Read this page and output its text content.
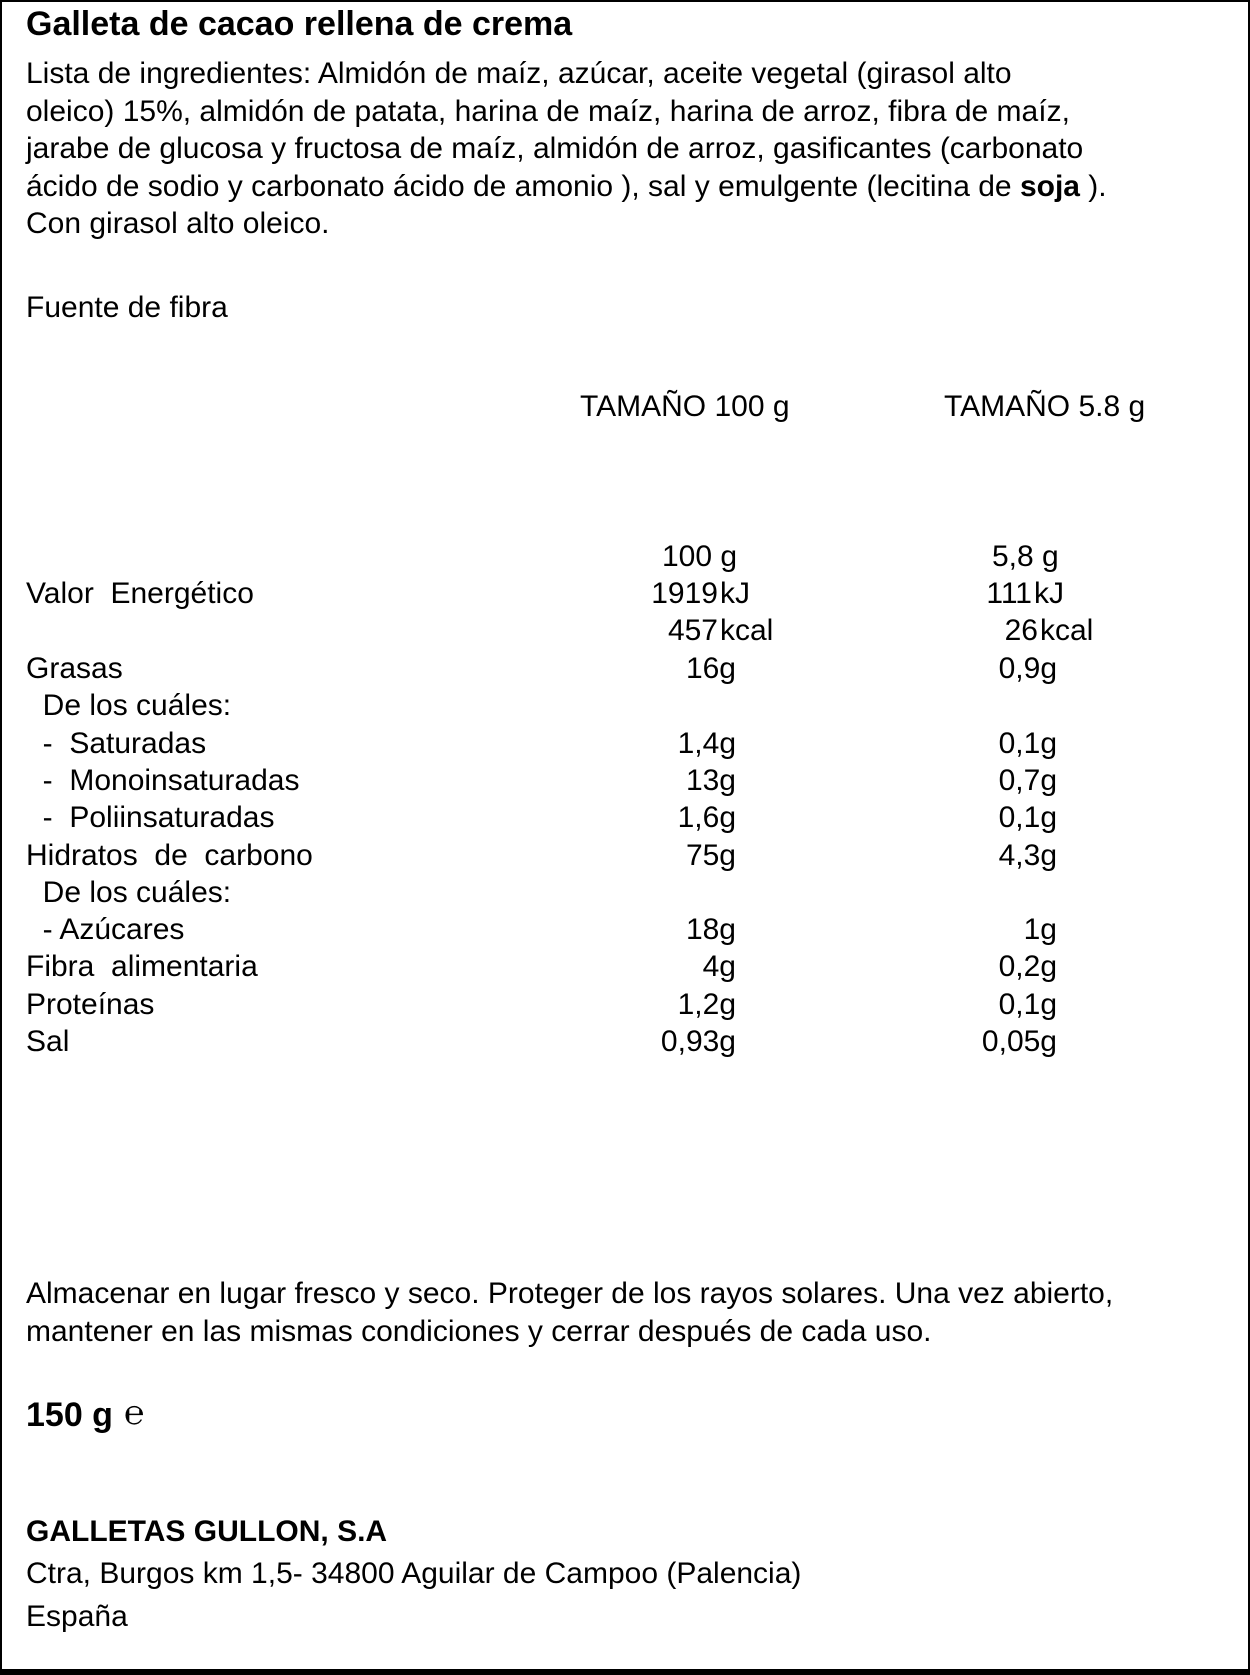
Galleta de cacao rellena de crema

Lista de ingredientes: Almidón de maíz, azúcar, aceite vegetal (girasol alto

oleico) 15%, almidón de patata, harina de maíz, harina de arroz, fibra de maíz,

jarabe de glucosa y fructosa de maíz, almidón de arroz, gasificantes (carbonato

ácido de sodio y carbonato ácido de amonio ), sal y emulgente (lecitina de soja ).

Con girasol alto oleico.

Fuente de fibra
TAMAÑO 100 g	TAMAÑO 5.8 g
100 g	5,8 g
Valor  Energético	1919 kJ	111 kJ
457 kcal	26 kcal
Grasas	16g	0,9g
De los cuáles:
-  Saturadas	1,4g	0,1g
-  Monoinsaturadas	13g	0,7g
-  Poliinsaturadas	1,6g	0,1g
Hidratos  de  carbono	75g	4,3g
De los cuáles:
- Azúcares	18g	1g
Fibra  alimentaria	4g	0,2g
Proteínas	1,2g	0,1g
Sal	0,93g	0,05g
Almacenar en lugar fresco y seco. Proteger de los rayos solares. Una vez abierto,
mantener en las mismas condiciones y cerrar después de cada uso.
150 g ℮
GALLETAS GULLON, S.A
Ctra, Burgos km 1,5- 34800 Aguilar de Campoo (Palencia)
España
